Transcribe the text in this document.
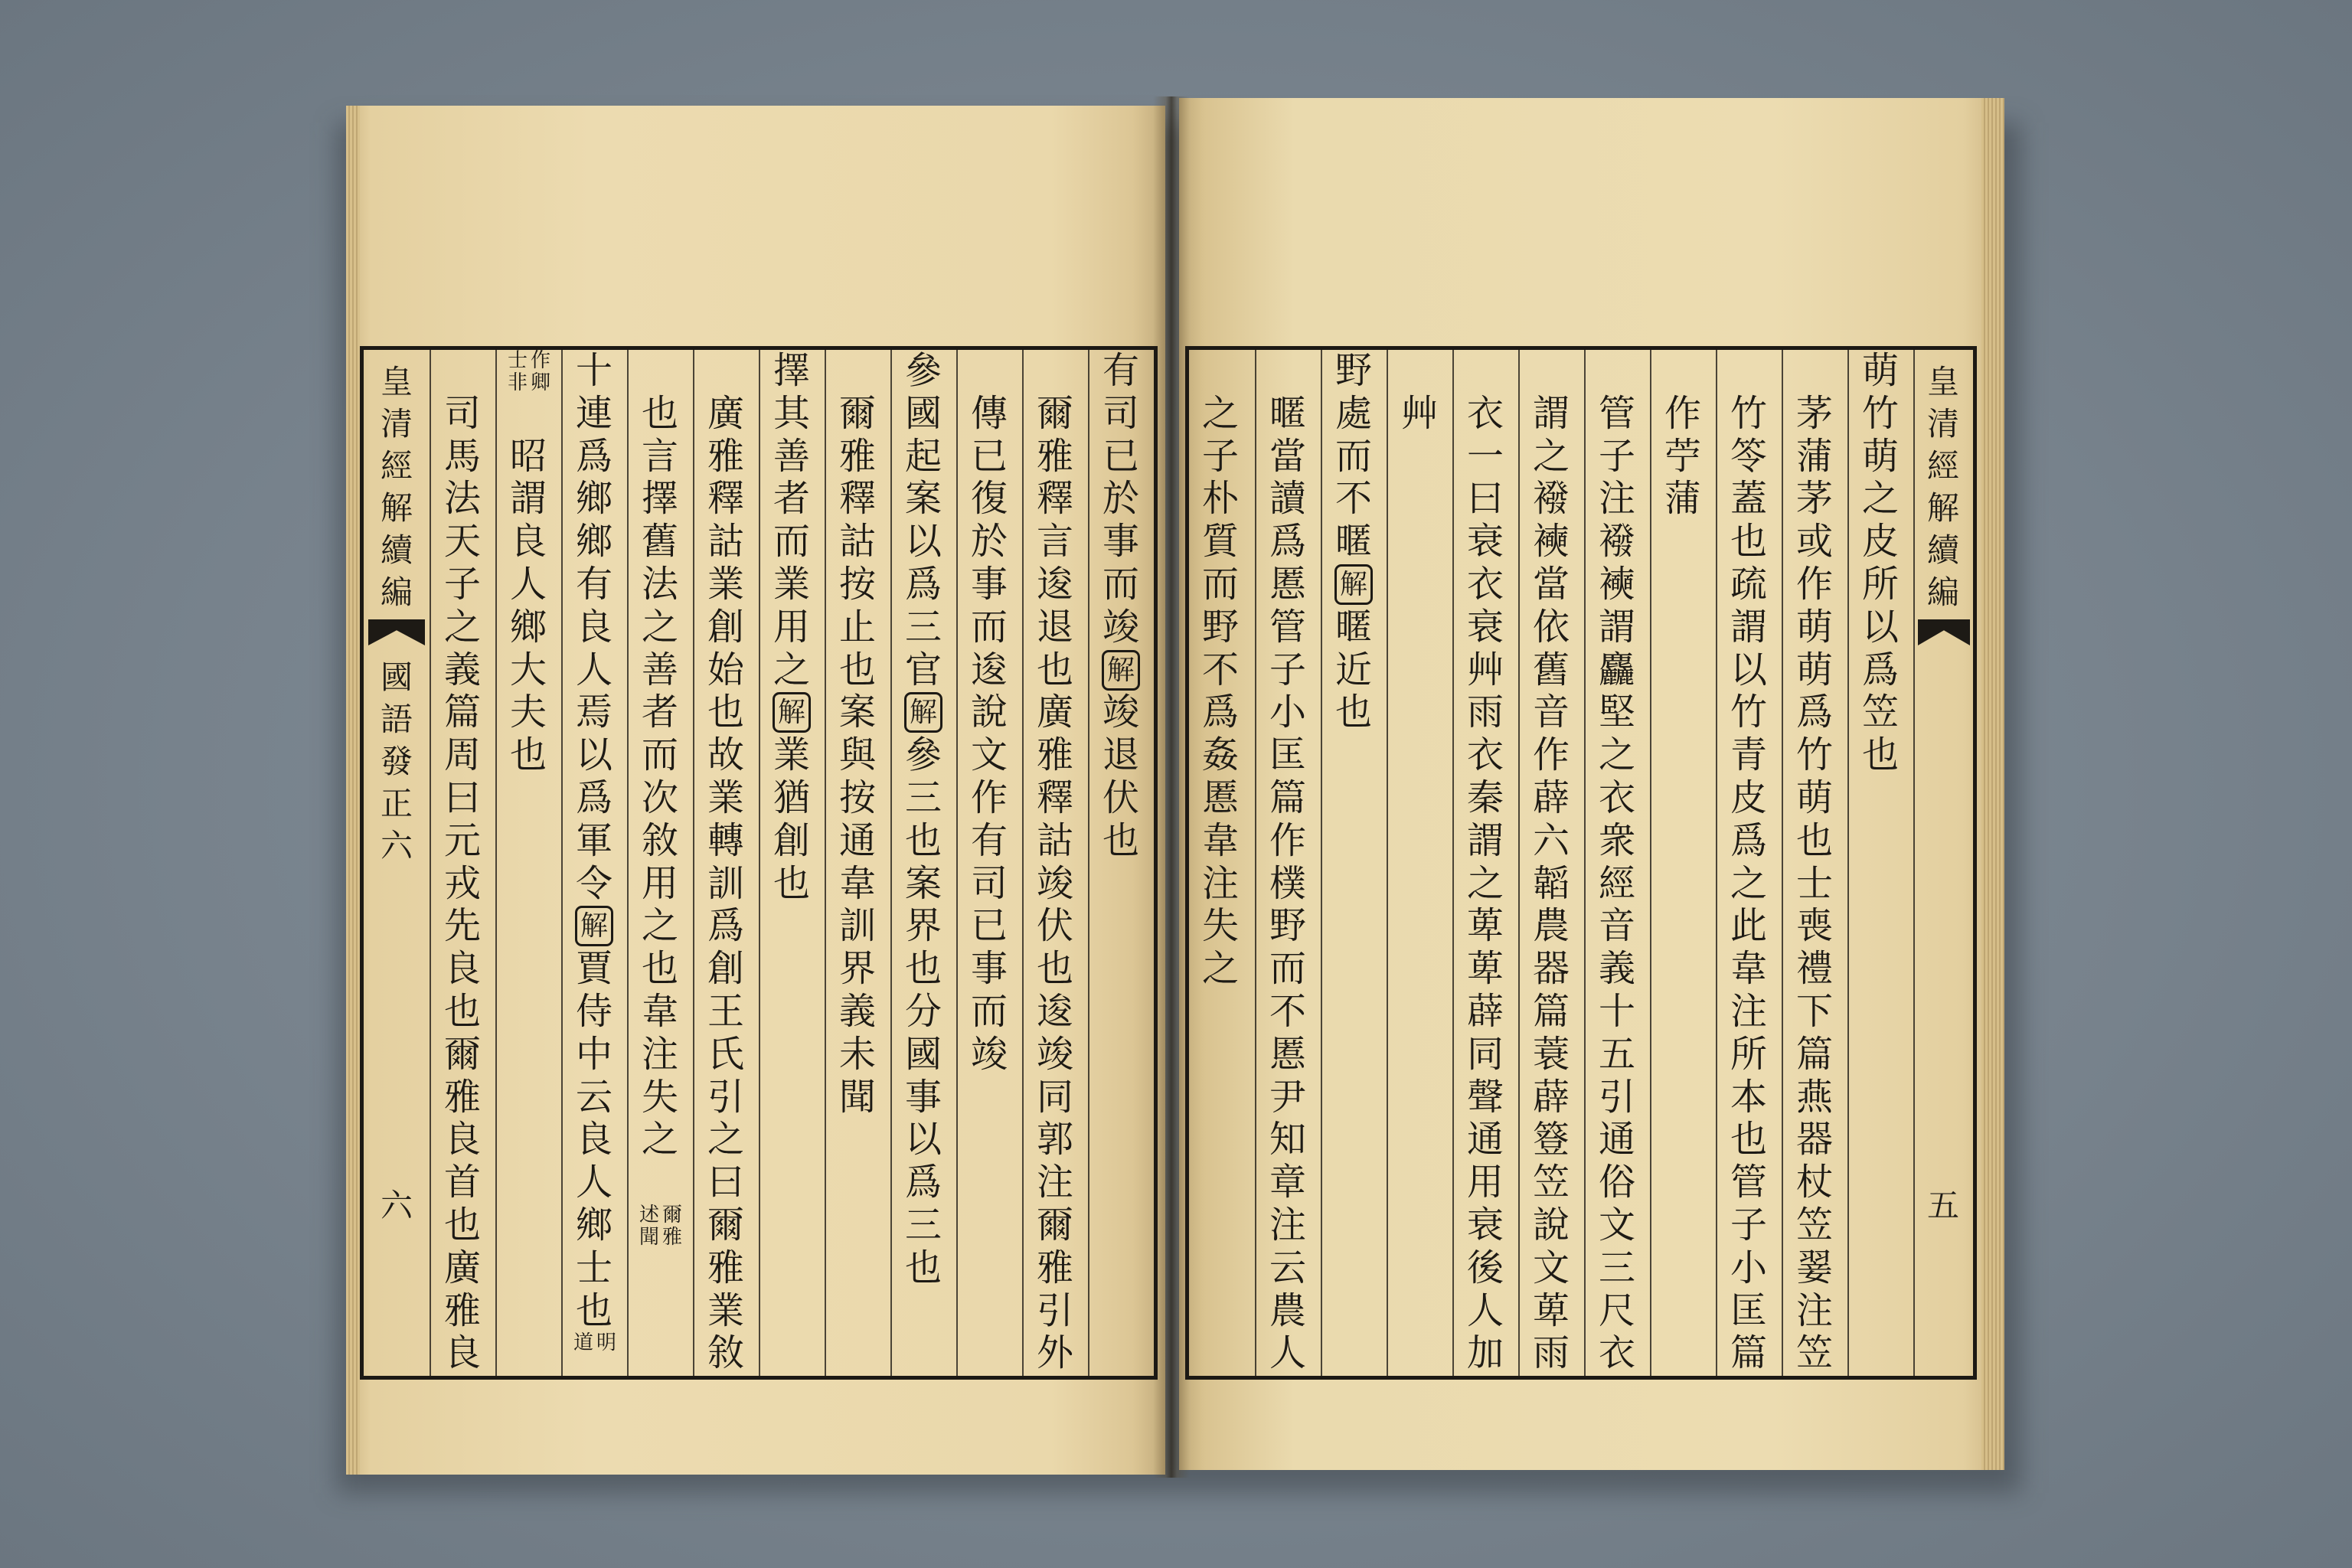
皇清經解續編
國語發正六
六
有司已於事而竣
解
竣退伏也
爾雅釋言逡退也廣雅釋詁竣伏也逡竣同郭注爾雅引外
傳已復於事而逡說文作有司已事而竣
參國起案以爲三官
解
參三也案界也分國事以爲三也
爾雅釋詁按止也案與按通韋訓界義未聞
擇其善者而業用之
解
業猶創也
廣雅釋詁業創始也故業轉訓爲創王氏引之曰爾雅業敘
也言擇舊法之善者而次敘用之也韋注失之
爾雅
述聞
十連爲鄉鄉有良人焉以爲軍令
解
賈侍中云良人鄉士也
明
道
作卿
士非
昭謂良人鄉大夫也
司馬法天子之義篇周曰元戎先良也爾雅良首也廣雅良
萌竹萌之皮所以爲笠也
茅蒲茅或作萌萌爲竹萌也士喪禮下篇燕器杖笠翣注笠
竹笭蓋也疏謂以竹青皮爲之此韋注所本也管子小匡篇
作苧蒲
管子注襏襫謂麤堅之衣衆經音義十五引通俗文三尺衣
謂之襏襫當依舊音作薜六韜農器篇蓑薜簦笠說文萆雨
衣一曰衰衣衰艸雨衣秦謂之萆萆薜同聲通用衰後人加
艸
野處而不暱
解
暱近也
暱當讀爲慝管子小匡篇作樸野而不慝尹知章注云農人
之子朴質而野不爲姦慝韋注失之
皇清經解續編
五
